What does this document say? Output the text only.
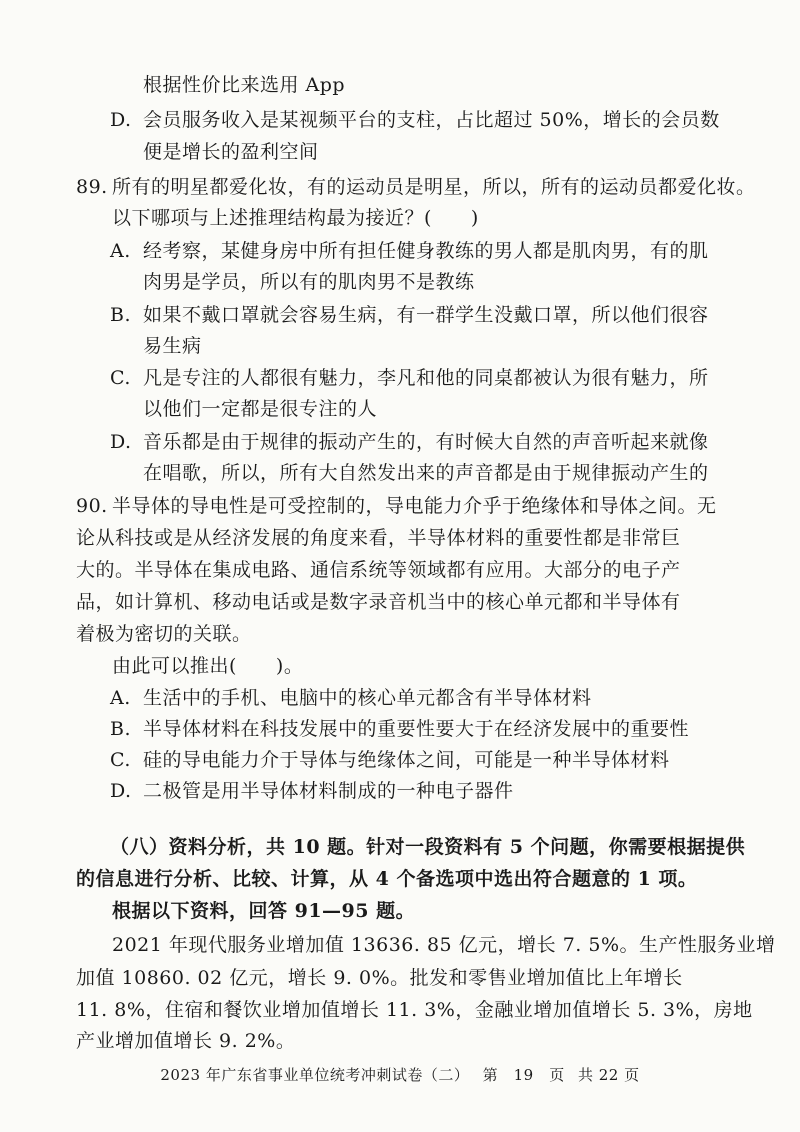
根据性价比来选用 App
D. 会员服务收入是某视频平台的支柱，占比超过 50%，增长的会员数
便是增长的盈利空间
89. 所有的明星都爱化妆，有的运动员是明星，所以，所有的运动员都爱化妆。
以下哪项与上述推理结构最为接近？(　　)
A. 经考察，某健身房中所有担任健身教练的男人都是肌肉男，有的肌
肉男是学员，所以有的肌肉男不是教练
B. 如果不戴口罩就会容易生病，有一群学生没戴口罩，所以他们很容
易生病
C. 凡是专注的人都很有魅力，李凡和他的同桌都被认为很有魅力，所
以他们一定都是很专注的人
D. 音乐都是由于规律的振动产生的，有时候大自然的声音听起来就像
在唱歌，所以，所有大自然发出来的声音都是由于规律振动产生的
90. 半导体的导电性是可受控制的，导电能力介乎于绝缘体和导体之间。无
论从科技或是从经济发展的角度来看，半导体材料的重要性都是非常巨
大的。半导体在集成电路、通信系统等领域都有应用。大部分的电子产
品，如计算机、移动电话或是数字录音机当中的核心单元都和半导体有
着极为密切的关联。
由此可以推出(　　)。
A. 生活中的手机、电脑中的核心单元都含有半导体材料
B. 半导体材料在科技发展中的重要性要大于在经济发展中的重要性
C. 硅的导电能力介于导体与绝缘体之间，可能是一种半导体材料
D. 二极管是用半导体材料制成的一种电子器件
（八）资料分析，共 10 题。针对一段资料有 5 个问题，你需要根据提供
的信息进行分析、比较、计算，从 4 个备选项中选出符合题意的 1 项。
根据以下资料，回答 91—95 题。
2021 年现代服务业增加值 13636. 85 亿元，增长 7. 5%。生产性服务业增
加值 10860. 02 亿元，增长 9. 0%。批发和零售业增加值比上年增长
11. 8%，住宿和餐饮业增加值增长 11. 3%，金融业增加值增长 5. 3%，房地
产业增加值增长 9. 2%。
2023 年广东省事业单位统考冲刺试卷（二） 第　19　页 共 22 页
